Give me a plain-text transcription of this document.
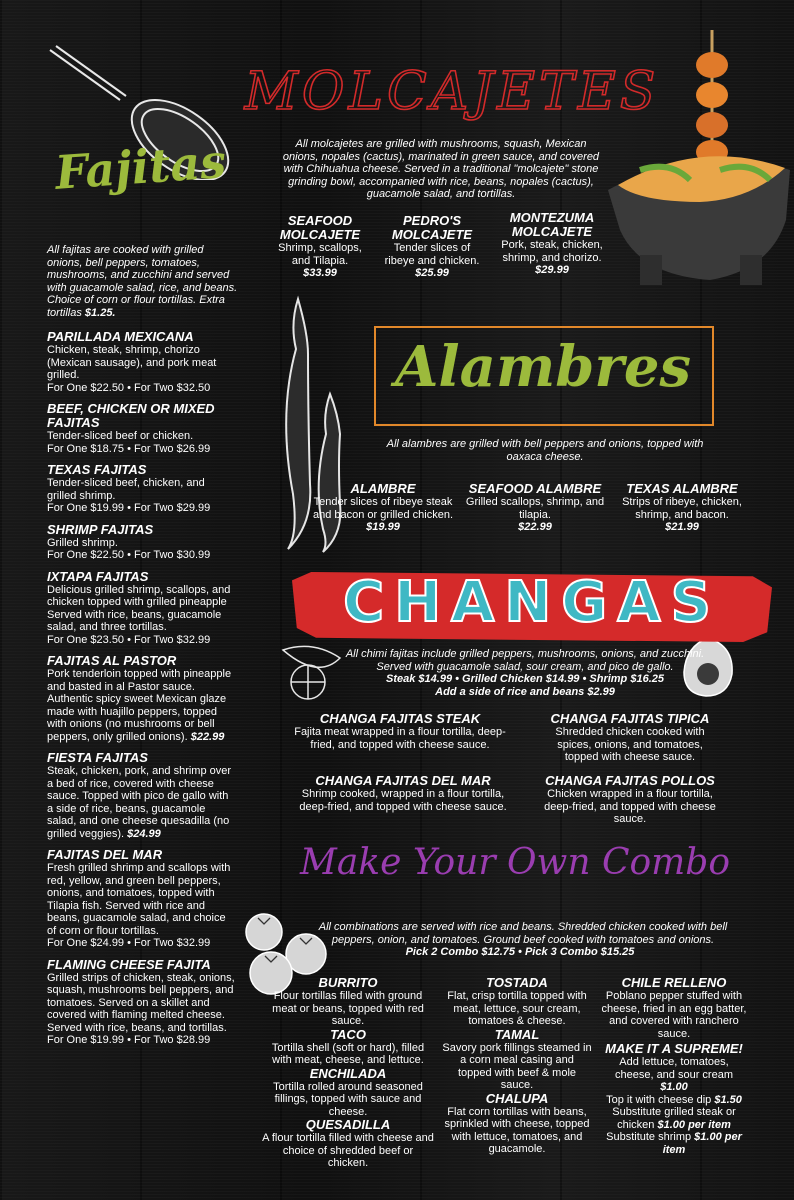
MOLCAJETES
Fajitas
Alambres
CHANGAS
Make Your Own Combo
All molcajetes are grilled with mushrooms, squash, Mexican onions, nopales (cactus), marinated in green sauce, and covered with Chihuahua cheese. Served in a traditional "molcajete" stone grinding bowl, accompanied with rice, beans, nopales (cactus), guacamole salad, and tortillas.
SEAFOOD
MOLCAJETE
Shrimp, scallops, and Tilapia.
$33.99
PEDRO'S
MOLCAJETE
Tender slices of ribeye and chicken.
$25.99
MONTEZUMA
MOLCAJETE
Pork, steak, chicken, shrimp, and chorizo.
$29.99
All fajitas are cooked with grilled onions, bell peppers, tomatoes, mushrooms, and zucchini and served with guacamole salad, rice, and beans. Choice of corn or flour tortillas. Extra tortillas $1.25.
PARILLADA MEXICANA
Chicken, steak, shrimp, chorizo (Mexican sausage), and pork meat grilled.
For One $22.50 • For Two $32.50
BEEF, CHICKEN OR MIXED FAJITAS
Tender-sliced beef or chicken.
For One $18.75 • For Two $26.99
TEXAS FAJITAS
Tender-sliced beef, chicken, and grilled shrimp.
For One $19.99 • For Two $29.99
SHRIMP FAJITAS
Grilled shrimp.
For One $22.50 • For Two $30.99
IXTAPA FAJITAS
Delicious grilled shrimp, scallops, and chicken topped with grilled pineapple Served with rice, beans, guacamole salad, and three tortillas.
For One $23.50 • For Two $32.99
FAJITAS AL PASTOR
Pork tenderloin topped with pineapple and basted in al Pastor sauce. Authentic spicy sweet Mexican glaze made with huajillo peppers, topped with onions (no mushrooms or bell peppers, only grilled onions). $22.99
FIESTA FAJITAS
Steak, chicken, pork, and shrimp over a bed of rice, covered with cheese sauce. Topped with pico de gallo with a side of rice, beans, guacamole salad, and one cheese quesadilla (no grilled veggies). $24.99
FAJITAS DEL MAR
Fresh grilled shrimp and scallops with red, yellow, and green bell peppers, onions, and tomatoes, topped with Tilapia fish. Served with rice and beans, guacamole salad, and choice of corn or flour tortillas.
For One $24.99 • For Two $32.99
FLAMING CHEESE FAJITA
Grilled strips of chicken, steak, onions, squash, mushrooms bell peppers, and tomatoes. Served on a skillet and covered with flaming melted cheese. Served with rice, beans, and tortillas.
For One $19.99 • For Two $28.99
All alambres are grilled with bell peppers and onions, topped with oaxaca cheese.
ALAMBRE
Tender slices of ribeye steak and bacon or grilled chicken.
$19.99
SEAFOOD ALAMBRE
Grilled scallops, shrimp, and tilapia.
$22.99
TEXAS ALAMBRE
Strips of ribeye, chicken, shrimp, and bacon.
$21.99
All chimi fajitas include grilled peppers, mushrooms, onions, and zucchini. Served with guacamole salad, sour cream, and pico de gallo.
Steak $14.99 • Grilled Chicken $14.99 • Shrimp $16.25
Add a side of rice and beans $2.99
CHANGA FAJITAS STEAK
Fajita meat wrapped in a flour tortilla, deep-fried, and topped with cheese sauce.
CHANGA FAJITAS TIPICA
Shredded chicken cooked with spices, onions, and tomatoes, topped with cheese sauce.
CHANGA FAJITAS DEL MAR
Shrimp cooked, wrapped in a flour tortilla, deep-fried, and topped with cheese sauce.
CHANGA FAJITAS POLLOS
Chicken wrapped in a flour tortilla, deep-fried, and topped with cheese sauce.
All combinations are served with rice and beans. Shredded chicken cooked with bell peppers, onion, and tomatoes. Ground beef cooked with tomatoes and onions.
Pick 2 Combo $12.75 • Pick 3 Combo $15.25
BURRITO
Flour tortillas filled with ground meat or beans, topped with red sauce.
TACO
Tortilla shell (soft or hard), filled with meat, cheese, and lettuce.
ENCHILADA
Tortilla rolled around seasoned fillings, topped with sauce and cheese.
QUESADILLA
A flour tortilla filled with cheese and choice of shredded beef or chicken.
TOSTADA
Flat, crisp tortilla topped with meat, lettuce, sour cream, tomatoes & cheese.
TAMAL
Savory pork fillings steamed in a corn meal casing and topped with beef & mole sauce.
CHALUPA
Flat corn tortillas with beans, sprinkled with cheese, topped with lettuce, tomatoes, and guacamole.
CHILE RELLENO
Poblano pepper stuffed with cheese, fried in an egg batter, and covered with ranchero sauce.
MAKE IT A SUPREME!
Add lettuce, tomatoes, cheese, and sour cream $1.00
Top it with cheese dip $1.50
Substitute grilled steak or chicken $1.00 per item
Substitute shrimp $1.00 per item
